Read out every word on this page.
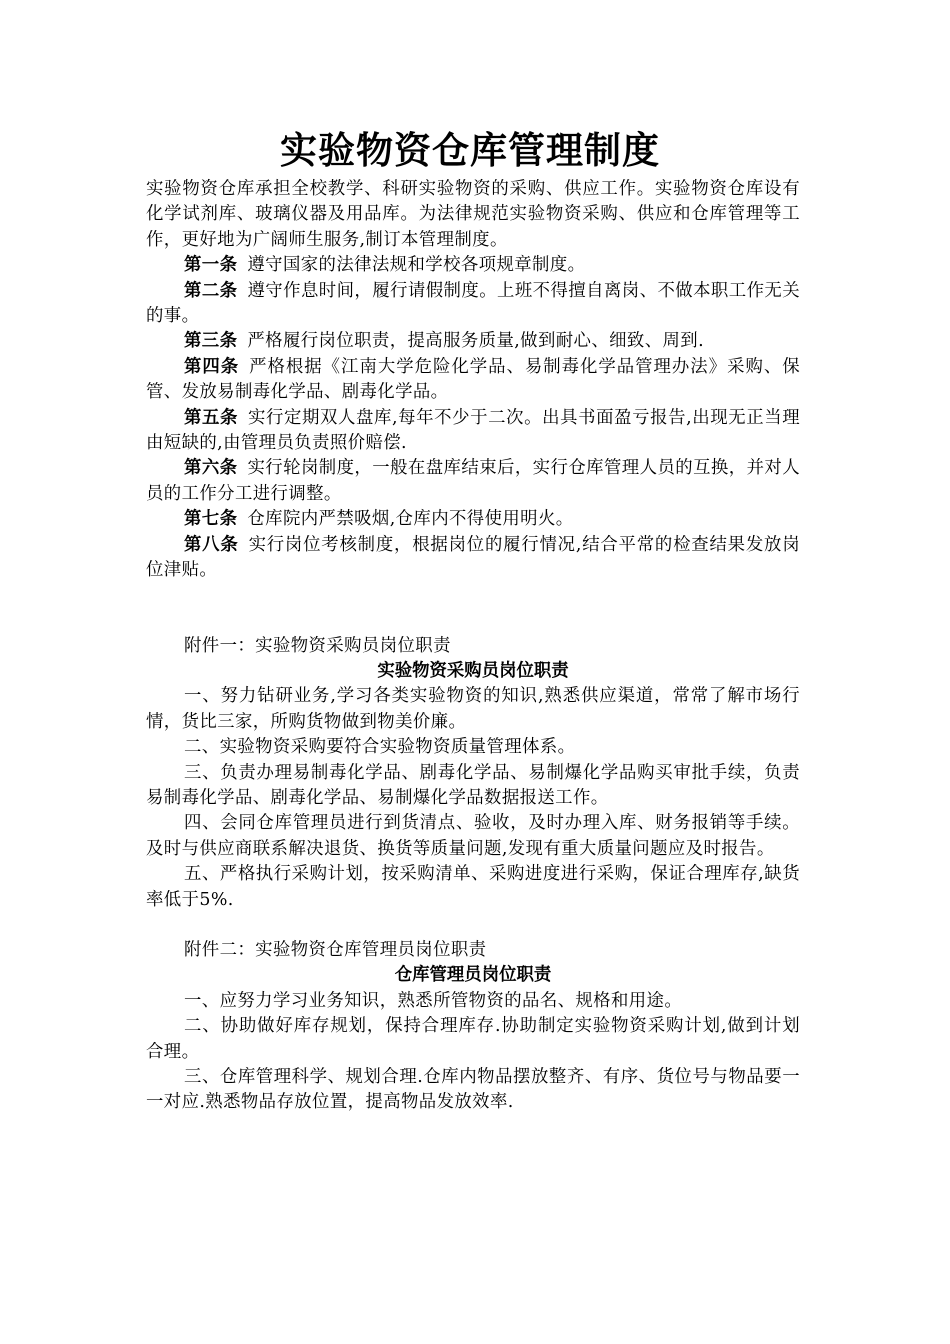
实验物资仓库管理制度

实验物资仓库承担全校教学、科研实验物资的采购、供应工作。实验物资仓库设有化学试剂库、玻璃仪器及用品库。为法律规范实验物资采购、供应和仓库管理等工作，更好地为广阔师生服务,制订本管理制度。

第一条 遵守国家的法律法规和学校各项规章制度。

第二条 遵守作息时间，履行请假制度。上班不得擅自离岗、不做本职工作无关的事。

第三条 严格履行岗位职责，提高服务质量,做到耐心、细致、周到.

第四条 严格根据《江南大学危险化学品、易制毒化学品管理办法》采购、保管、发放易制毒化学品、剧毒化学品。

第五条 实行定期双人盘库,每年不少于二次。出具书面盈亏报告,出现无正当理由短缺的,由管理员负责照价赔偿.

第六条 实行轮岗制度，一般在盘库结束后，实行仓库管理人员的互换，并对人员的工作分工进行调整。

第七条 仓库院内严禁吸烟,仓库内不得使用明火。

第八条 实行岗位考核制度，根据岗位的履行情况,结合平常的检查结果发放岗位津贴。

附件一：实验物资采购员岗位职责

实验物资采购员岗位职责

一、努力钻研业务,学习各类实验物资的知识,熟悉供应渠道，常常了解市场行情，货比三家，所购货物做到物美价廉。

二、实验物资采购要符合实验物资质量管理体系。

三、负责办理易制毒化学品、剧毒化学品、易制爆化学品购买审批手续，负责易制毒化学品、剧毒化学品、易制爆化学品数据报送工作。

四、会同仓库管理员进行到货清点、验收，及时办理入库、财务报销等手续。及时与供应商联系解决退货、换货等质量问题,发现有重大质量问题应及时报告。

五、严格执行采购计划，按采购清单、采购进度进行采购，保证合理库存,缺货率低于5%.

附件二：实验物资仓库管理员岗位职责

仓库管理员岗位职责

一、应努力学习业务知识，熟悉所管物资的品名、规格和用途。

二、协助做好库存规划，保持合理库存.协助制定实验物资采购计划,做到计划合理。

三、仓库管理科学、规划合理.仓库内物品摆放整齐、有序、货位号与物品要一一对应.熟悉物品存放位置，提高物品发放效率.
